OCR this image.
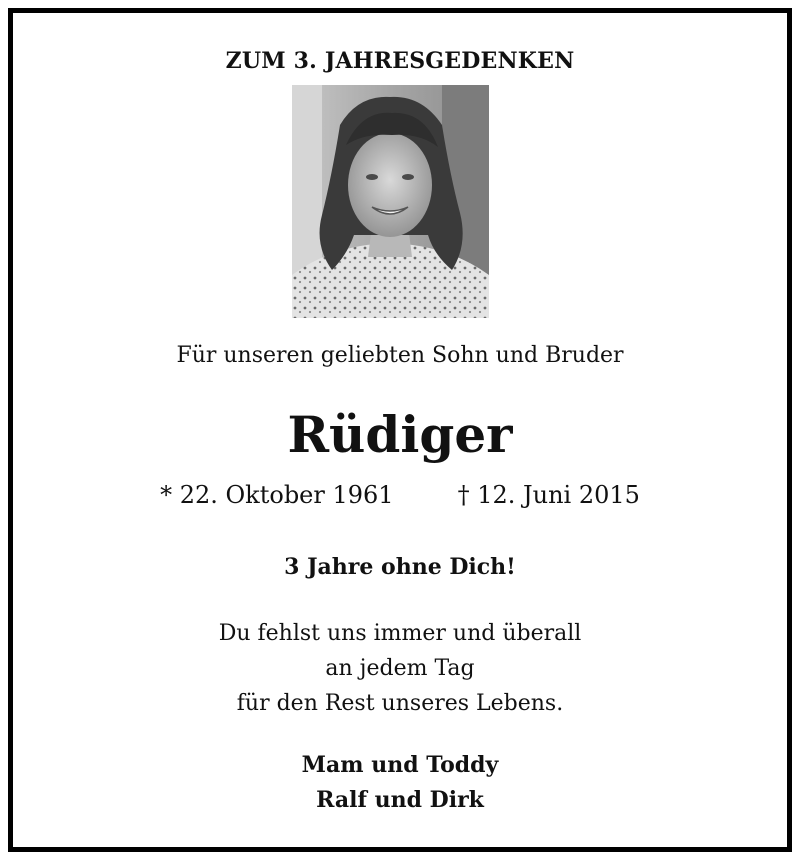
ZUM 3. JAHRESGEDENKEN
Für unseren geliebten Sohn und Bruder
Rüdiger
* 22. Oktober 1961	† 12. Juni 2015
3 Jahre ohne Dich!
Du fehlst uns immer und überall
an jedem Tag
für den Rest unseres Lebens.
Mam und Toddy
Ralf und Dirk
